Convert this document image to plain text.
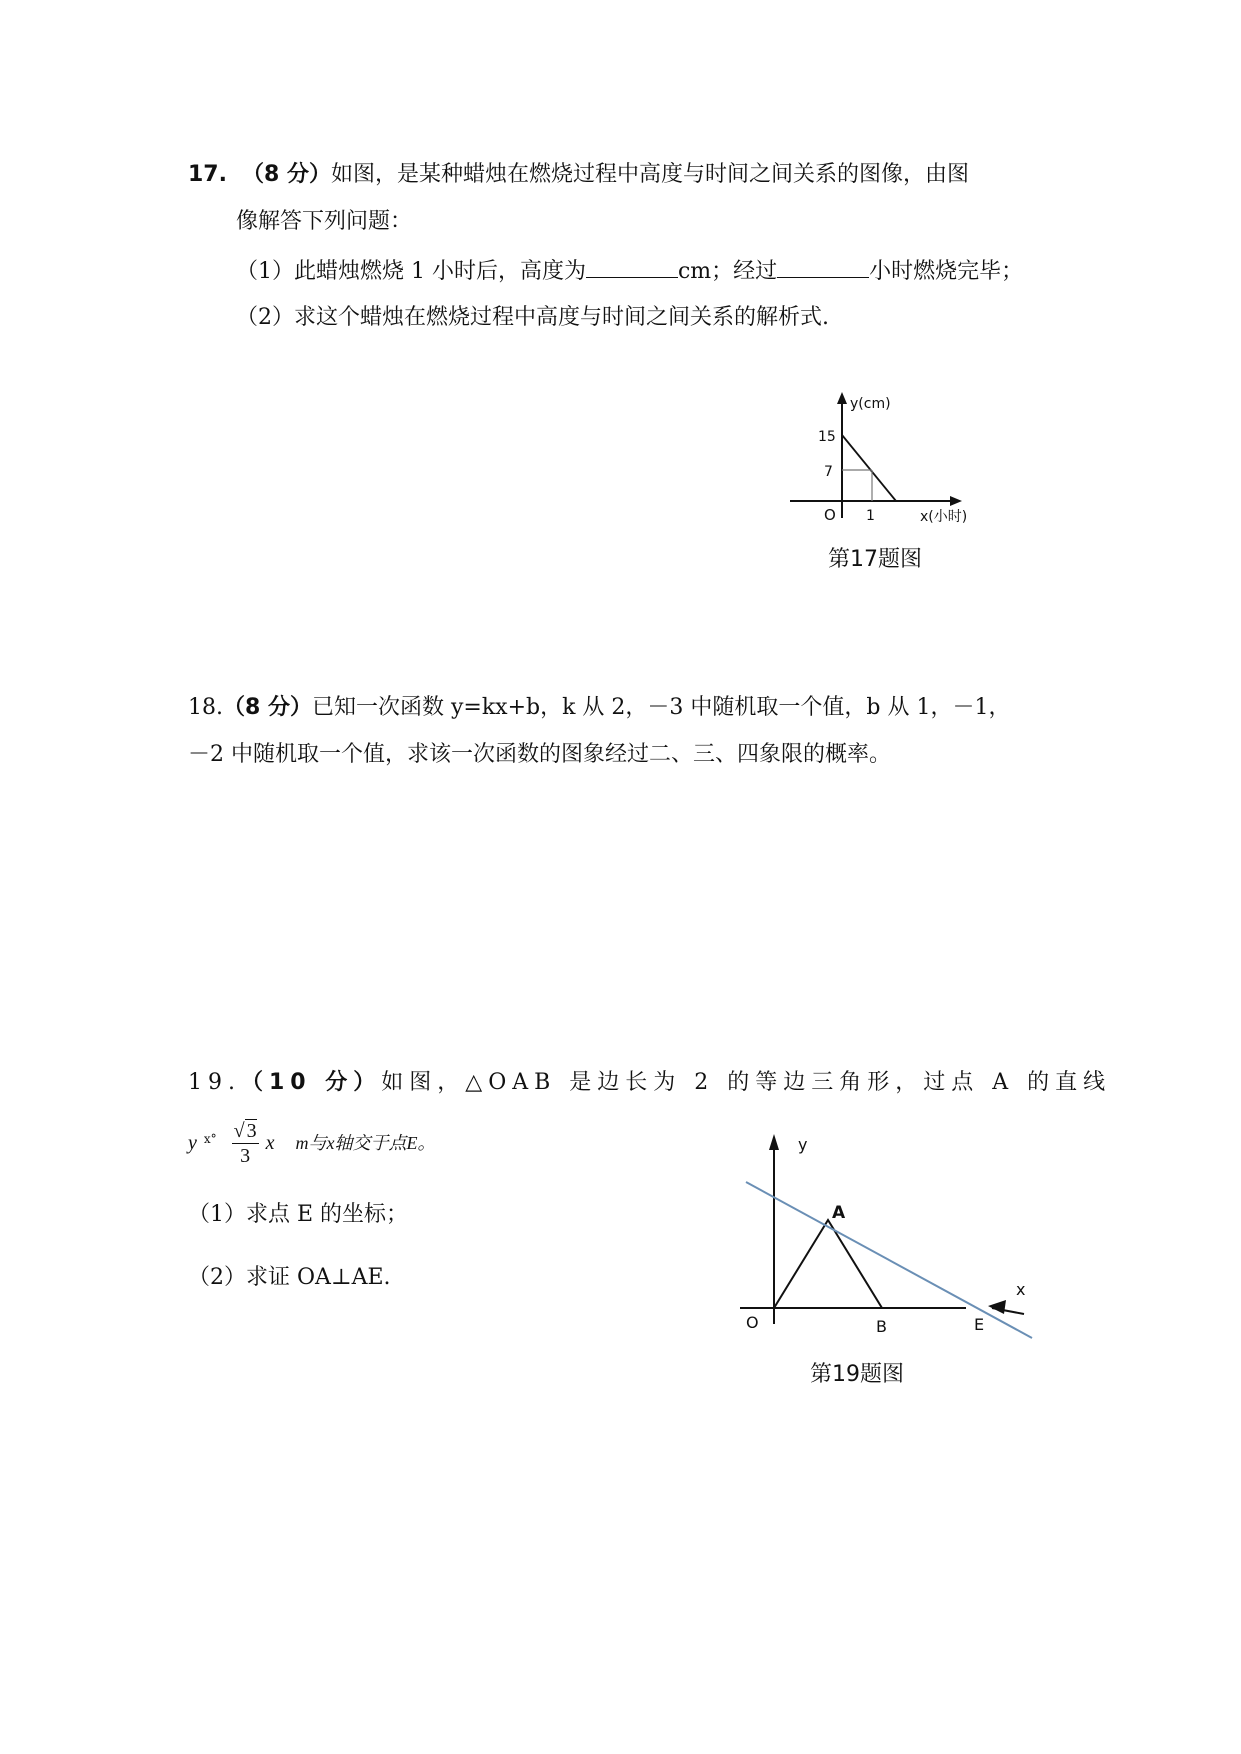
17. （8 分）如图，是某种蜡烛在燃烧过程中高度与时间之间关系的图像，由图
像解答下列问题：
（1）此蜡烛燃烧 1 小时后，高度为	cm；经过	小时燃烧完毕；
（2）求这个蜡烛在燃烧过程中高度与时间之间关系的解析式.
y(cm)
15
7
O 1	x(小时)
第17题图
18.（8 分）已知一次函数 y=kx+b，k 从 2，－3 中随机取一个值，b 从 1，－1，
－2 中随机取一个值，求该一次函数的图象经过二、三、四象限的概率。
19.（10 分）如图，△OAB 是边长为 2 的等边三角形，过点 A 的直线
y $^{x^\circ} \frac{√ 3}{3}$ x m与x轴交于点E。
（1）求点 E 的坐标；
（2）求证 OA⊥AE.
y
x
O
A
B	E
第19题图
